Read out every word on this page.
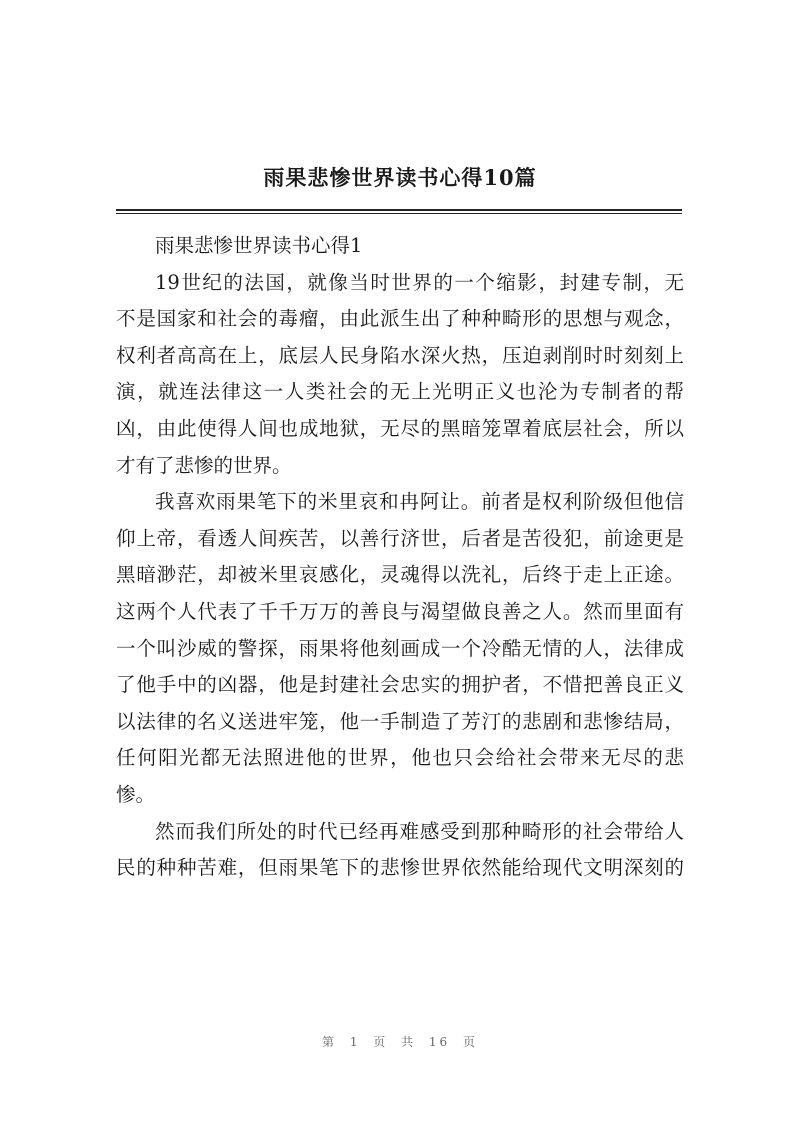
雨果悲惨世界读书心得10篇
雨果悲惨世界读书心得1
19世纪的法国，就像当时世界的一个缩影，封建专制，无
不是国家和社会的毒瘤，由此派生出了种种畸形的思想与观念，
权利者高高在上，底层人民身陷水深火热，压迫剥削时时刻刻上
演，就连法律这一人类社会的无上光明正义也沦为专制者的帮
凶，由此使得人间也成地狱，无尽的黑暗笼罩着底层社会，所以
才有了悲惨的世界。
我喜欢雨果笔下的米里哀和冉阿让。前者是权利阶级但他信
仰上帝，看透人间疾苦，以善行济世，后者是苦役犯，前途更是
黑暗渺茫，却被米里哀感化，灵魂得以洗礼，后终于走上正途。
这两个人代表了千千万万的善良与渴望做良善之人。然而里面有
一个叫沙威的警探，雨果将他刻画成一个冷酷无情的人，法律成
了他手中的凶器，他是封建社会忠实的拥护者，不惜把善良正义
以法律的名义送进牢笼，他一手制造了芳汀的悲剧和悲惨结局，
任何阳光都无法照进他的世界，他也只会给社会带来无尽的悲
惨。
然而我们所处的时代已经再难感受到那种畸形的社会带给人
民的种种苦难，但雨果笔下的悲惨世界依然能给现代文明深刻的
第 1 页 共 16 页
